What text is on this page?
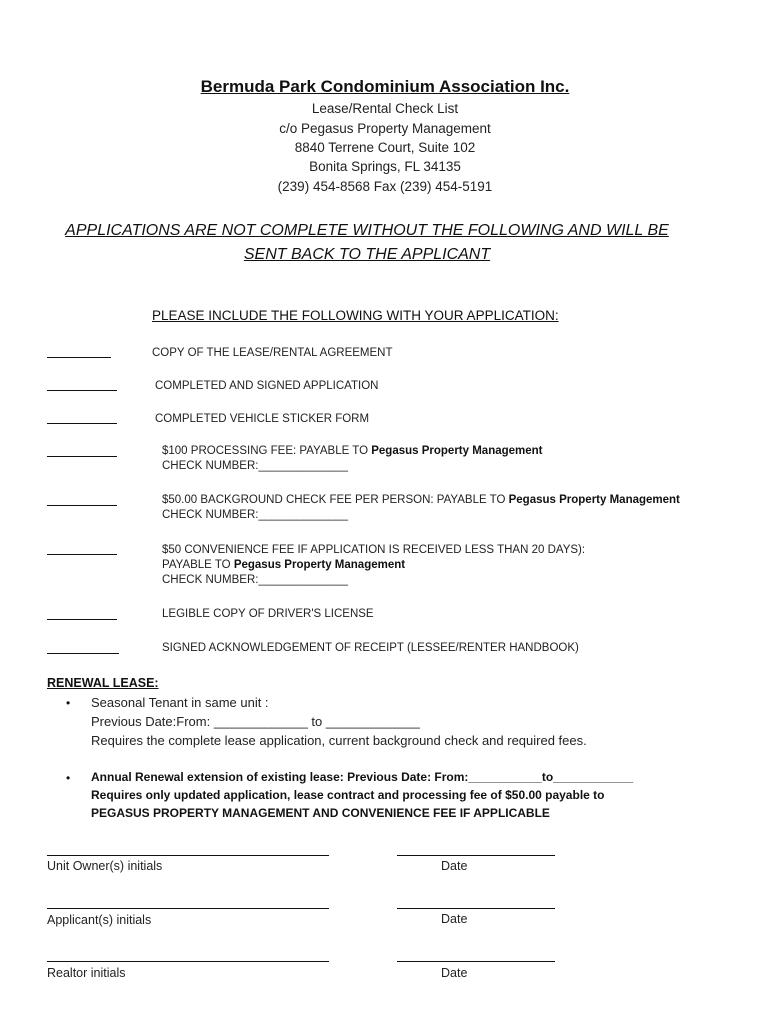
Bermuda Park Condominium Association Inc.
Lease/Rental Check List
c/o Pegasus Property Management
8840 Terrene Court, Suite 102
Bonita Springs, FL 34135
(239) 454-8568 Fax (239) 454-5191
APPLICATIONS ARE NOT COMPLETE WITHOUT THE FOLLOWING AND WILL BE
SENT BACK TO THE APPLICANT
PLEASE INCLUDE THE FOLLOWING WITH YOUR APPLICATION:
COPY OF THE LEASE/RENTAL AGREEMENT
COMPLETED AND SIGNED APPLICATION
COMPLETED VEHICLE STICKER FORM
$100 PROCESSING FEE: PAYABLE TO Pegasus Property Management
CHECK NUMBER:______________
$50.00 BACKGROUND CHECK FEE PER PERSON: PAYABLE TO Pegasus Property Management
CHECK NUMBER:______________
$50 CONVENIENCE FEE IF APPLICATION IS RECEIVED LESS THAN 20 DAYS):
PAYABLE TO Pegasus Property Management
CHECK NUMBER:______________
LEGIBLE COPY OF DRIVER'S LICENSE
SIGNED ACKNOWLEDGEMENT OF RECEIPT (LESSEE/RENTER HANDBOOK)
RENEWAL LEASE:
• Seasonal Tenant in same unit :
Previous Date:From: _____________ to _____________
Requires the complete lease application, current background check and required fees.
• Annual Renewal extension of existing lease: Previous Date: From:___________to____________
Requires only updated application, lease contract and processing fee of $50.00 payable to
PEGASUS PROPERTY MANAGEMENT AND CONVENIENCE FEE IF APPLICABLE
Unit Owner(s) initials	Date
Applicant(s) initials	Date
Realtor initials	Date
